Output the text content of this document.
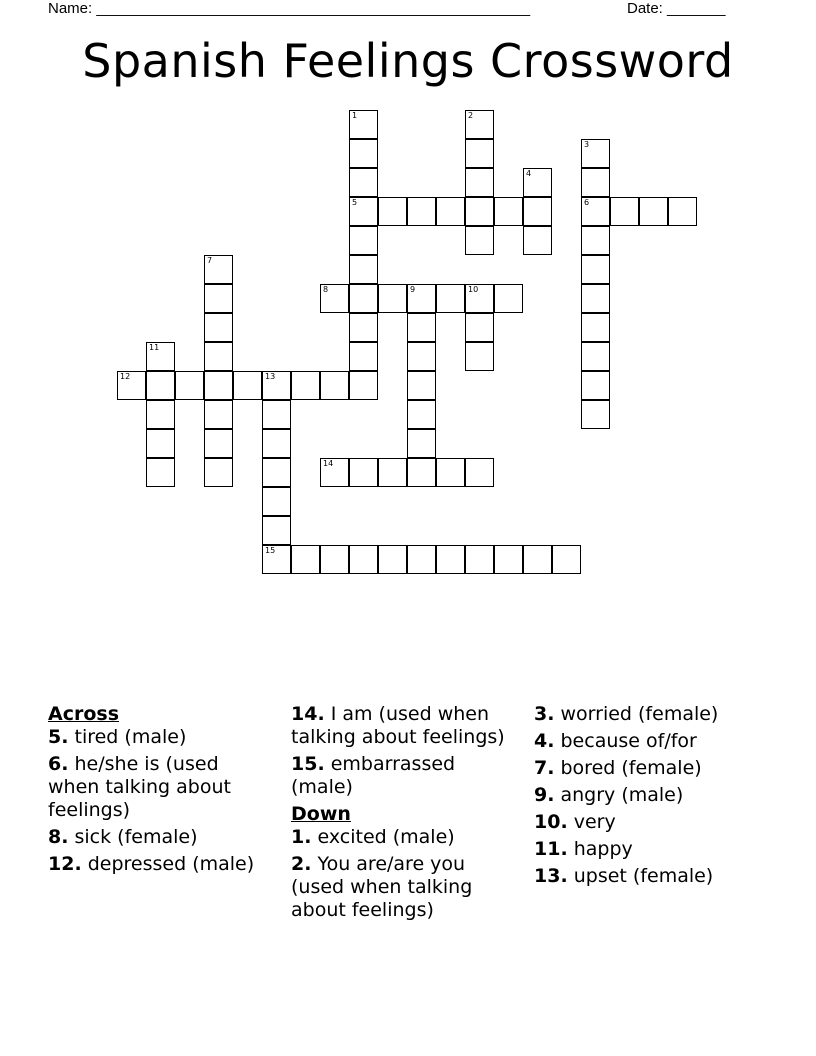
Name: ____________________________________________________	Date: _______
Spanish Feelings Crossword
1
5
2
3
6
4
7
8	9	10
11
12	13
15
14
Across
5. tired (male)
6. he/she is (used when talking about feelings)
8. sick (female)
12. depressed (male)
14. I am (used when talking about feelings)
15. embarrassed (male)
Down
1. excited (male)
2. You are/are you (used when talking about feelings)
3. worried (female)
4. because of/for
7. bored (female)
9. angry (male)
10. very
11. happy
13. upset (female)
